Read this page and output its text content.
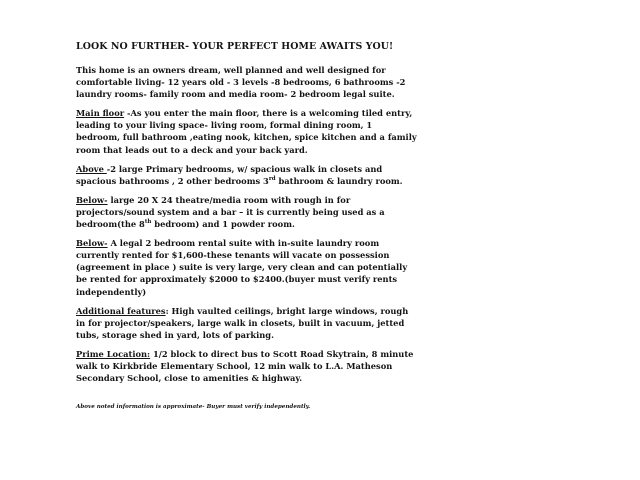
LOOK NO FURTHER- YOUR PERFECT HOME AWAITS YOU!
This home is an owners dream, well planned and well designed for
comfortable living- 12 years old - 3 levels -8 bedrooms, 6 bathrooms -2
laundry rooms- family room and media room- 2 bedroom legal suite.
Main floor -As you enter the main floor, there is a welcoming tiled entry,
leading to your living space- living room, formal dining room, 1
bedroom, full bathroom ,eating nook, kitchen, spice kitchen and a family
room that leads out to a deck and your back yard.
Above -2 large Primary bedrooms, w/ spacious walk in closets and
spacious bathrooms , 2 other bedrooms 3rd bathroom & laundry room.
Below- large 20 X 24 theatre/media room with rough in for
projectors/sound system and a bar – it is currently being used as a
bedroom(the 8th bedroom) and 1 powder room.
Below- A legal 2 bedroom rental suite with in-suite laundry room
currently rented for $1,600-these tenants will vacate on possession
(agreement in place ) suite is very large, very clean and can potentially
be rented for approximately $2000 to $2400.(buyer must verify rents
independently)
Additional features: High vaulted ceilings, bright large windows, rough
in for projector/speakers, large walk in closets, built in vacuum, jetted
tubs, storage shed in yard, lots of parking.
Prime Location: 1/2 block to direct bus to Scott Road Skytrain, 8 minute
walk to Kirkbride Elementary School, 12 min walk to L.A. Matheson
Secondary School, close to amenities & highway.
Above noted information is approximate- Buyer must verify independently.
